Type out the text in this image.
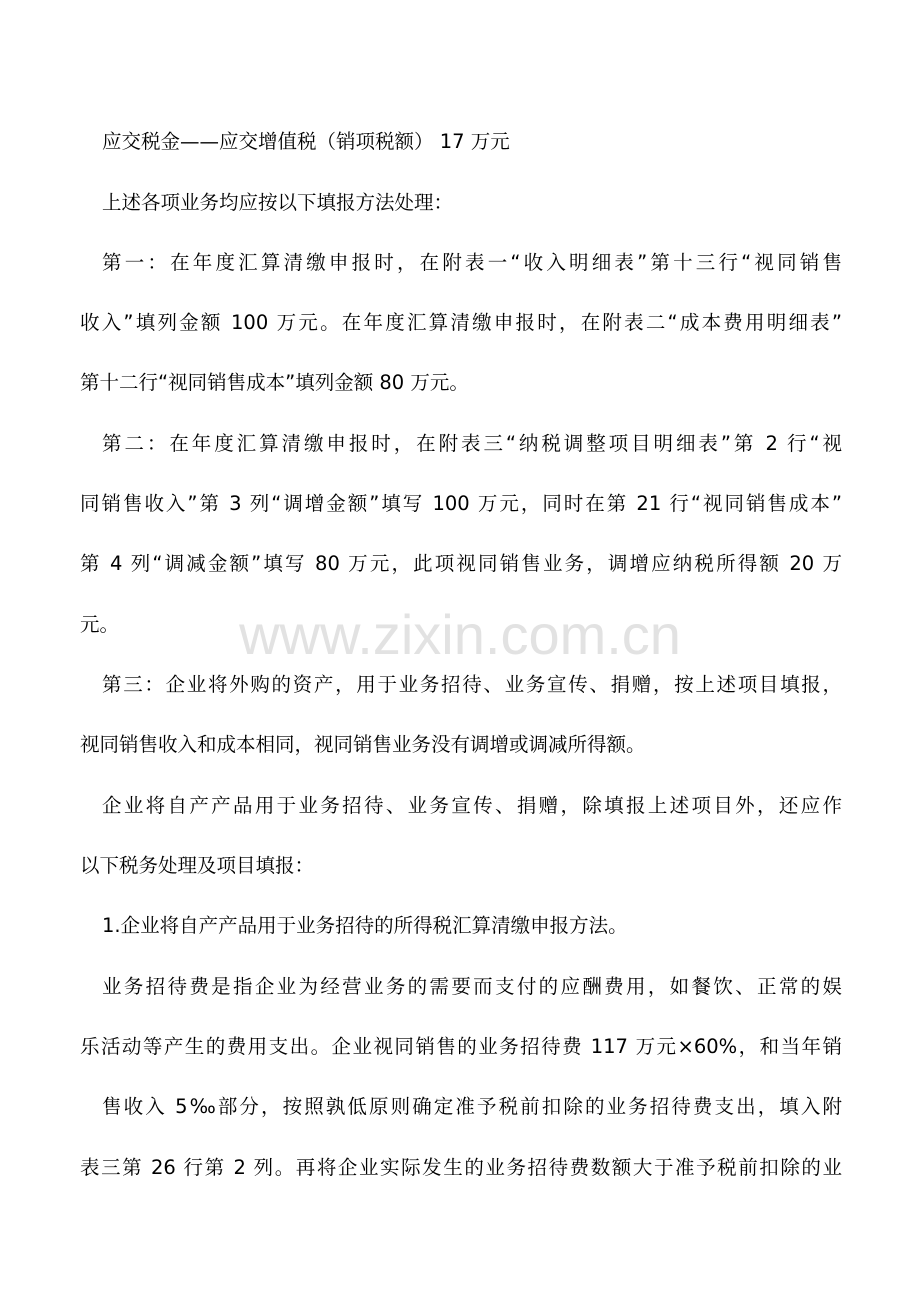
应交税金——应交增值税（销项税额） 17 万元
上述各项业务均应按以下填报方法处理：
第一：在年度汇算清缴申报时，在附表一“收入明细表”第十三行“视同销售
收入”填列金额 100 万元。在年度汇算清缴申报时，在附表二“成本费用明细表”
第十二行“视同销售成本”填列金额 80 万元。
第二：在年度汇算清缴申报时，在附表三“纳税调整项目明细表”第 2 行“视
同销售收入”第 3 列“调增金额”填写 100 万元，同时在第 21 行“视同销售成本”
第 4 列“调减金额”填写 80 万元，此项视同销售业务，调增应纳税所得额 20 万
元。
第三：企业将外购的资产，用于业务招待、业务宣传、捐赠，按上述项目填报，
视同销售收入和成本相同，视同销售业务没有调增或调减所得额。
企业将自产产品用于业务招待、业务宣传、捐赠，除填报上述项目外，还应作
以下税务处理及项目填报：
1.企业将自产产品用于业务招待的所得税汇算清缴申报方法。
业务招待费是指企业为经营业务的需要而支付的应酬费用，如餐饮、正常的娱
乐活动等产生的费用支出。企业视同销售的业务招待费 117 万元×60%，和当年销
售收入 5‰部分，按照孰低原则确定准予税前扣除的业务招待费支出，填入附
表三第 26 行第 2 列。再将企业实际发生的业务招待费数额大于准予税前扣除的业
www.zixin.com.cn
